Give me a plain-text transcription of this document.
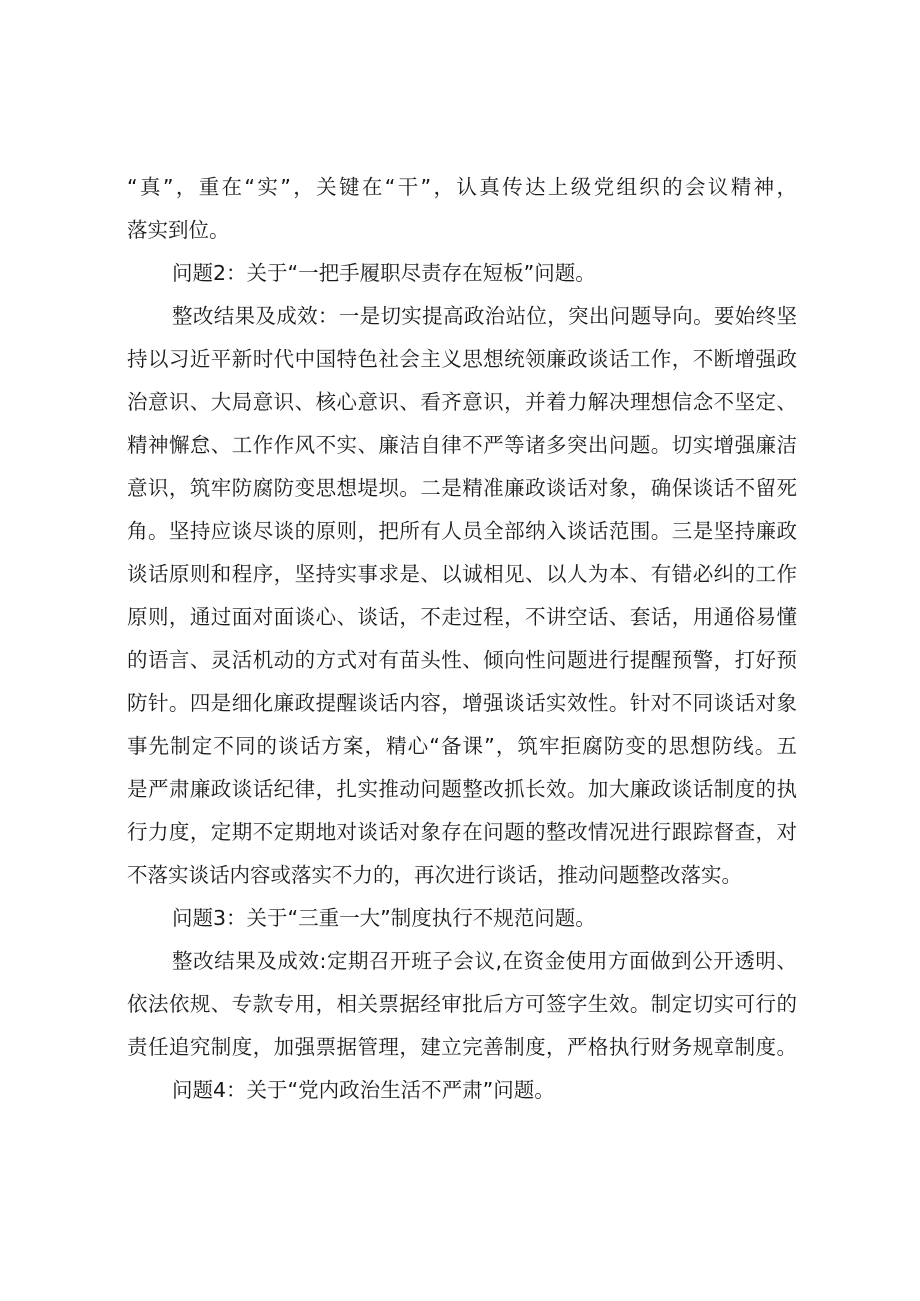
“真”，重在“实”，关键在“干”，认真传达上级党组织的会议精神，
落实到位。
问题2：关于“一把手履职尽责存在短板”问题。
整改结果及成效：一是切实提高政治站位，突出问题导向。要始终坚
持以习近平新时代中国特色社会主义思想统领廉政谈话工作，不断增强政
治意识、大局意识、核心意识、看齐意识，并着力解决理想信念不坚定、
精神懈怠、工作作风不实、廉洁自律不严等诸多突出问题。切实增强廉洁
意识，筑牢防腐防变思想堤坝。二是精准廉政谈话对象，确保谈话不留死
角。坚持应谈尽谈的原则，把所有人员全部纳入谈话范围。三是坚持廉政
谈话原则和程序，坚持实事求是、以诚相见、以人为本、有错必纠的工作
原则，通过面对面谈心、谈话，不走过程，不讲空话、套话，用通俗易懂
的语言、灵活机动的方式对有苗头性、倾向性问题进行提醒预警，打好预
防针。四是细化廉政提醒谈话内容，增强谈话实效性。针对不同谈话对象
事先制定不同的谈话方案，精心“备课”，筑牢拒腐防变的思想防线。五
是严肃廉政谈话纪律，扎实推动问题整改抓长效。加大廉政谈话制度的执
行力度，定期不定期地对谈话对象存在问题的整改情况进行跟踪督查，对
不落实谈话内容或落实不力的，再次进行谈话，推动问题整改落实。
问题3：关于“三重一大”制度执行不规范问题。
整改结果及成效:定期召开班子会议,在资金使用方面做到公开透明、
依法依规、专款专用，相关票据经审批后方可签字生效。制定切实可行的
责任追究制度，加强票据管理，建立完善制度，严格执行财务规章制度。
问题4：关于“党内政治生活不严肃”问题。
